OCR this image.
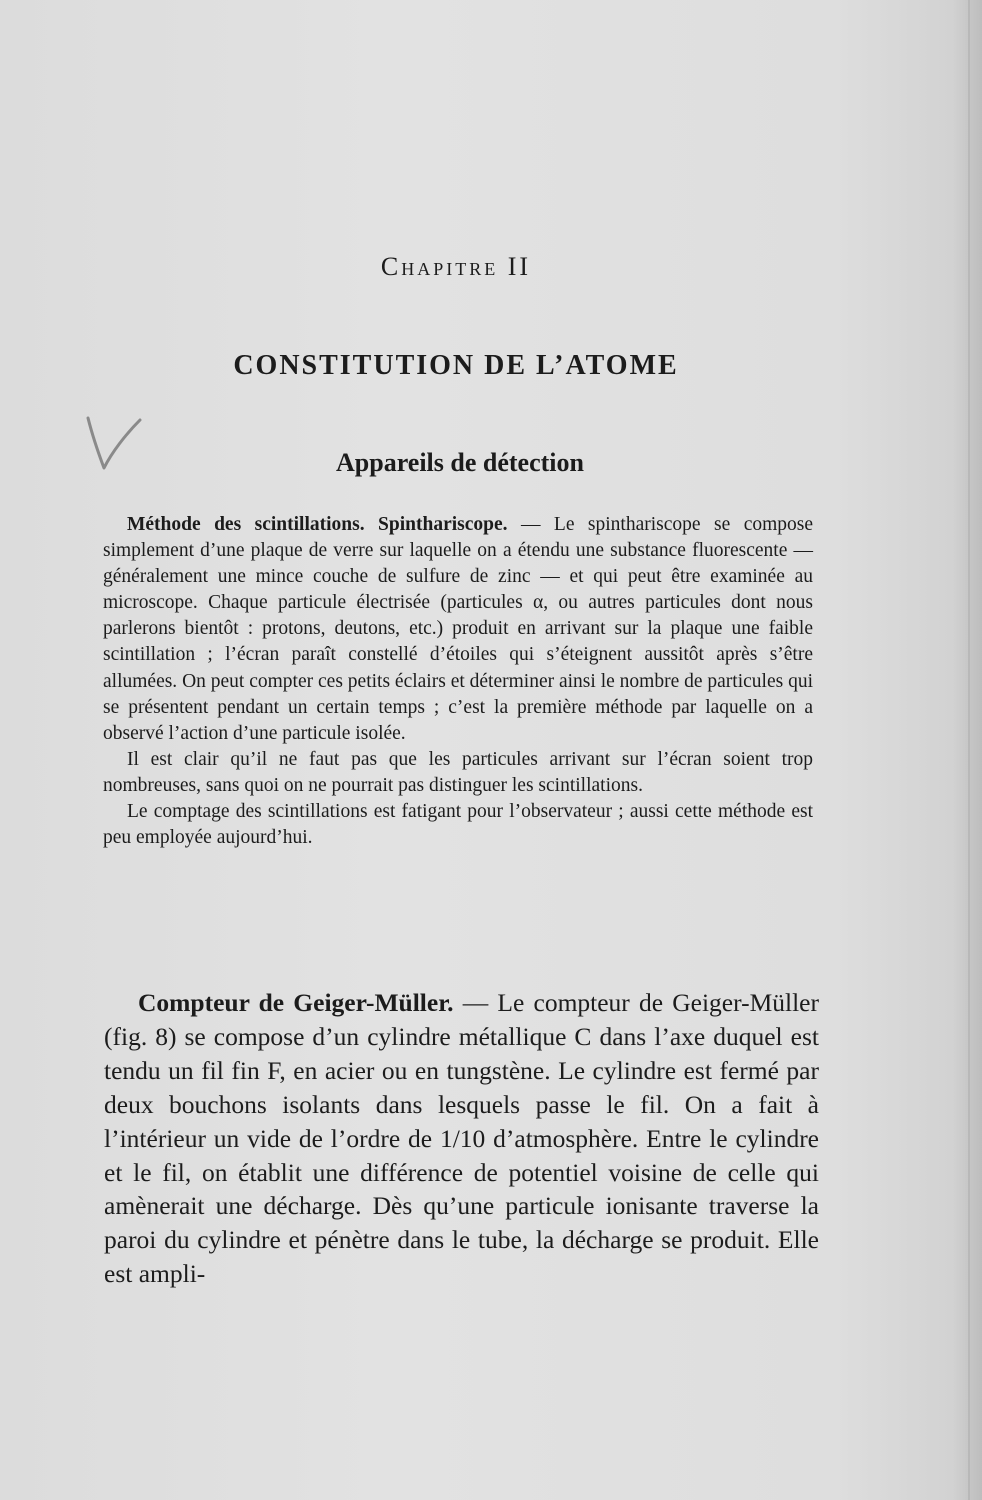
Chapitre II
CONSTITUTION DE L’ATOME
Appareils de détection

Méthode des scintillations. Spinthariscope. — Le spinthariscope se compose simplement d’une plaque de verre sur laquelle on a étendu une substance fluorescente — généralement une mince couche de sulfure de zinc — et qui peut être examinée au microscope. Chaque particule électrisée (particules α, ou autres particules dont nous parlerons bientôt : protons, deutons, etc.) produit en arrivant sur la plaque une faible scintillation ; l’écran paraît constellé d’étoiles qui s’éteignent aussitôt après s’être allumées. On peut compter ces petits éclairs et déterminer ainsi le nombre de particules qui se présentent pendant un certain temps ; c’est la première méthode par laquelle on a observé l’action d’une particule isolée.

Il est clair qu’il ne faut pas que les particules arrivant sur l’écran soient trop nombreuses, sans quoi on ne pourrait pas distinguer les scintillations.

Le comptage des scintillations est fatigant pour l’observateur ; aussi cette méthode est peu employée aujourd’hui.

Compteur de Geiger-Müller. — Le compteur de Geiger-Müller (fig. 8) se compose d’un cylindre métallique C dans l’axe duquel est tendu un fil fin F, en acier ou en tungstène. Le cylindre est fermé par deux bouchons isolants dans lesquels passe le fil. On a fait à l’intérieur un vide de l’ordre de 1/10 d’atmosphère. Entre le cylindre et le fil, on établit une différence de potentiel voisine de celle qui amènerait une décharge. Dès qu’une particule ionisante traverse la paroi du cylindre et pénètre dans le tube, la décharge se produit. Elle est ampli-
